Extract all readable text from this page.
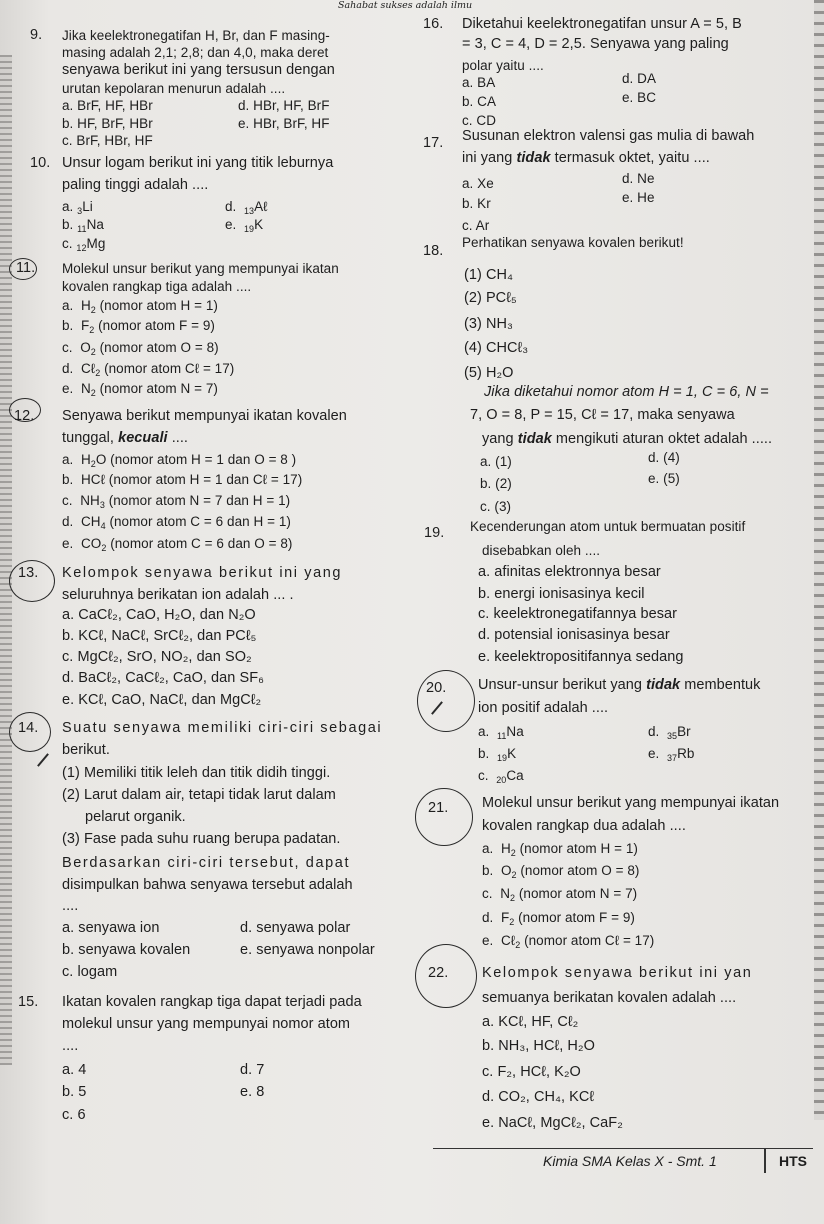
Sahabat sukses adalah ilmu
9. Jika keelektronegatifan H, Br, dan F masing-
masing adalah 2,1; 2,8; dan 4,0, maka deret
senyawa berikut ini yang tersusun dengan
urutan kepolaran menurun adalah ....
a. BrF, HF, HBr	d. HBr, HF, BrF
b. HF, BrF, HBr	e. HBr, BrF, HF
c. BrF, HBr, HF
10. Unsur logam berikut ini yang titik leburnya
paling tinggi adalah ....
a. $_3$Li	d. $_{13}$Aℓ
b. $_{11}$Na	e. $_{19}$K
c. $_{12}$Mg
11. Molekul unsur berikut yang mempunyai ikatan
kovalen rangkap tiga adalah ....
a.  $H_2$ (nomor atom H = 1)
b.  $F_2$ (nomor atom F = 9)
c.  $O_2$ (nomor atom O = 8)
d.  Cℓ$_2$ (nomor atom Cℓ = 17)
e.  $N_2$ (nomor atom N = 7)
12. Senyawa berikut mempunyai ikatan kovalen
tunggal, kecuali ....
a.  $H_2O$ (nomor atom H = 1 dan O = 8 )
b.  HCℓ (nomor atom H = 1 dan Cℓ = 17)
c.  $NH_3$ (nomor atom N = 7 dan H = 1)
d.  $CH_4$ (nomor atom C = 6 dan H = 1)
e.  $CO_2$ (nomor atom C = 6 dan O = 8)
13. Kelompok senyawa berikut ini yang
seluruhnya berikatan ion adalah ... .
a. CaCℓ₂, CaO, H₂O, dan N₂O
b. KCℓ, NaCℓ, SrCℓ₂, dan PCℓ₅
c. MgCℓ₂, SrO, NO₂, dan SO₂
d. BaCℓ₂, CaCℓ₂, CaO, dan SF₆
e. KCℓ, CaO, NaCℓ, dan MgCℓ₂
14. Suatu senyawa memiliki ciri-ciri sebagai
berikut.
(1) Memiliki titik leleh dan titik didih tinggi.
(2) Larut dalam air, tetapi tidak larut dalam
pelarut organik.
(3) Fase pada suhu ruang berupa padatan.
Berdasarkan ciri-ciri tersebut, dapat
disimpulkan bahwa senyawa tersebut adalah
....
a. senyawa ion	d. senyawa polar
b. senyawa kovalen	e. senyawa nonpolar
c. logam
15. Ikatan kovalen rangkap tiga dapat terjadi pada
molekul unsur yang mempunyai nomor atom
....
a. 4	d. 7
b. 5	e. 8
c. 6
16. Diketahui keelektronegatifan unsur A = 5, B
= 3, C = 4, D = 2,5. Senyawa yang paling
polar yaitu ....
a. BA	d. DA
b. CA	e. BC
c. CD
17. Susunan elektron valensi gas mulia di bawah
ini yang tidak termasuk oktet, yaitu ....
a. Xe	d. Ne
b. Kr	e. He
c. Ar
18.
Perhatikan senyawa kovalen berikut!
(1) CH₄
(2) PCℓ₅
(3) NH₃
(4) CHCℓ₃
(5) H₂O
Jika diketahui nomor atom H = 1, C = 6, N =
7, O = 8, P = 15, Cℓ = 17, maka senyawa
yang tidak mengikuti aturan oktet adalah .....
a. (1)	d. (4)
b. (2)	e. (5)
c. (3)
19. Kecenderungan atom untuk bermuatan positif
disebabkan oleh ....
a. afinitas elektronnya besar
b. energi ionisasinya kecil
c. keelektronegatifannya besar
d. potensial ionisasinya besar
e. keelektropositifannya sedang
20. Unsur-unsur berikut yang tidak membentuk
ion positif adalah ....
a. $_{11}$Na	d. $_{35}$Br
b. $_{19}$K	e. $_{37}$Rb
c. $_{20}$Ca
21. Molekul unsur berikut yang mempunyai ikatan
kovalen rangkap dua adalah ....
a.  $H_2$ (nomor atom H = 1)
b.  $O_2$ (nomor atom O = 8)
c.  $N_2$ (nomor atom N = 7)
d.  $F_2$ (nomor atom F = 9)
e.  Cℓ$_2$ (nomor atom Cℓ = 17)
22. Kelompok senyawa berikut ini yan
semuanya berikatan kovalen adalah ....
a. KCℓ, HF, Cℓ₂
b. NH₃, HCℓ, H₂O
c. F₂, HCℓ, K₂O
d. CO₂, CH₄, KCℓ
e. NaCℓ, MgCℓ₂, CaF₂
Kimia SMA Kelas X - Smt. 1	HTS
